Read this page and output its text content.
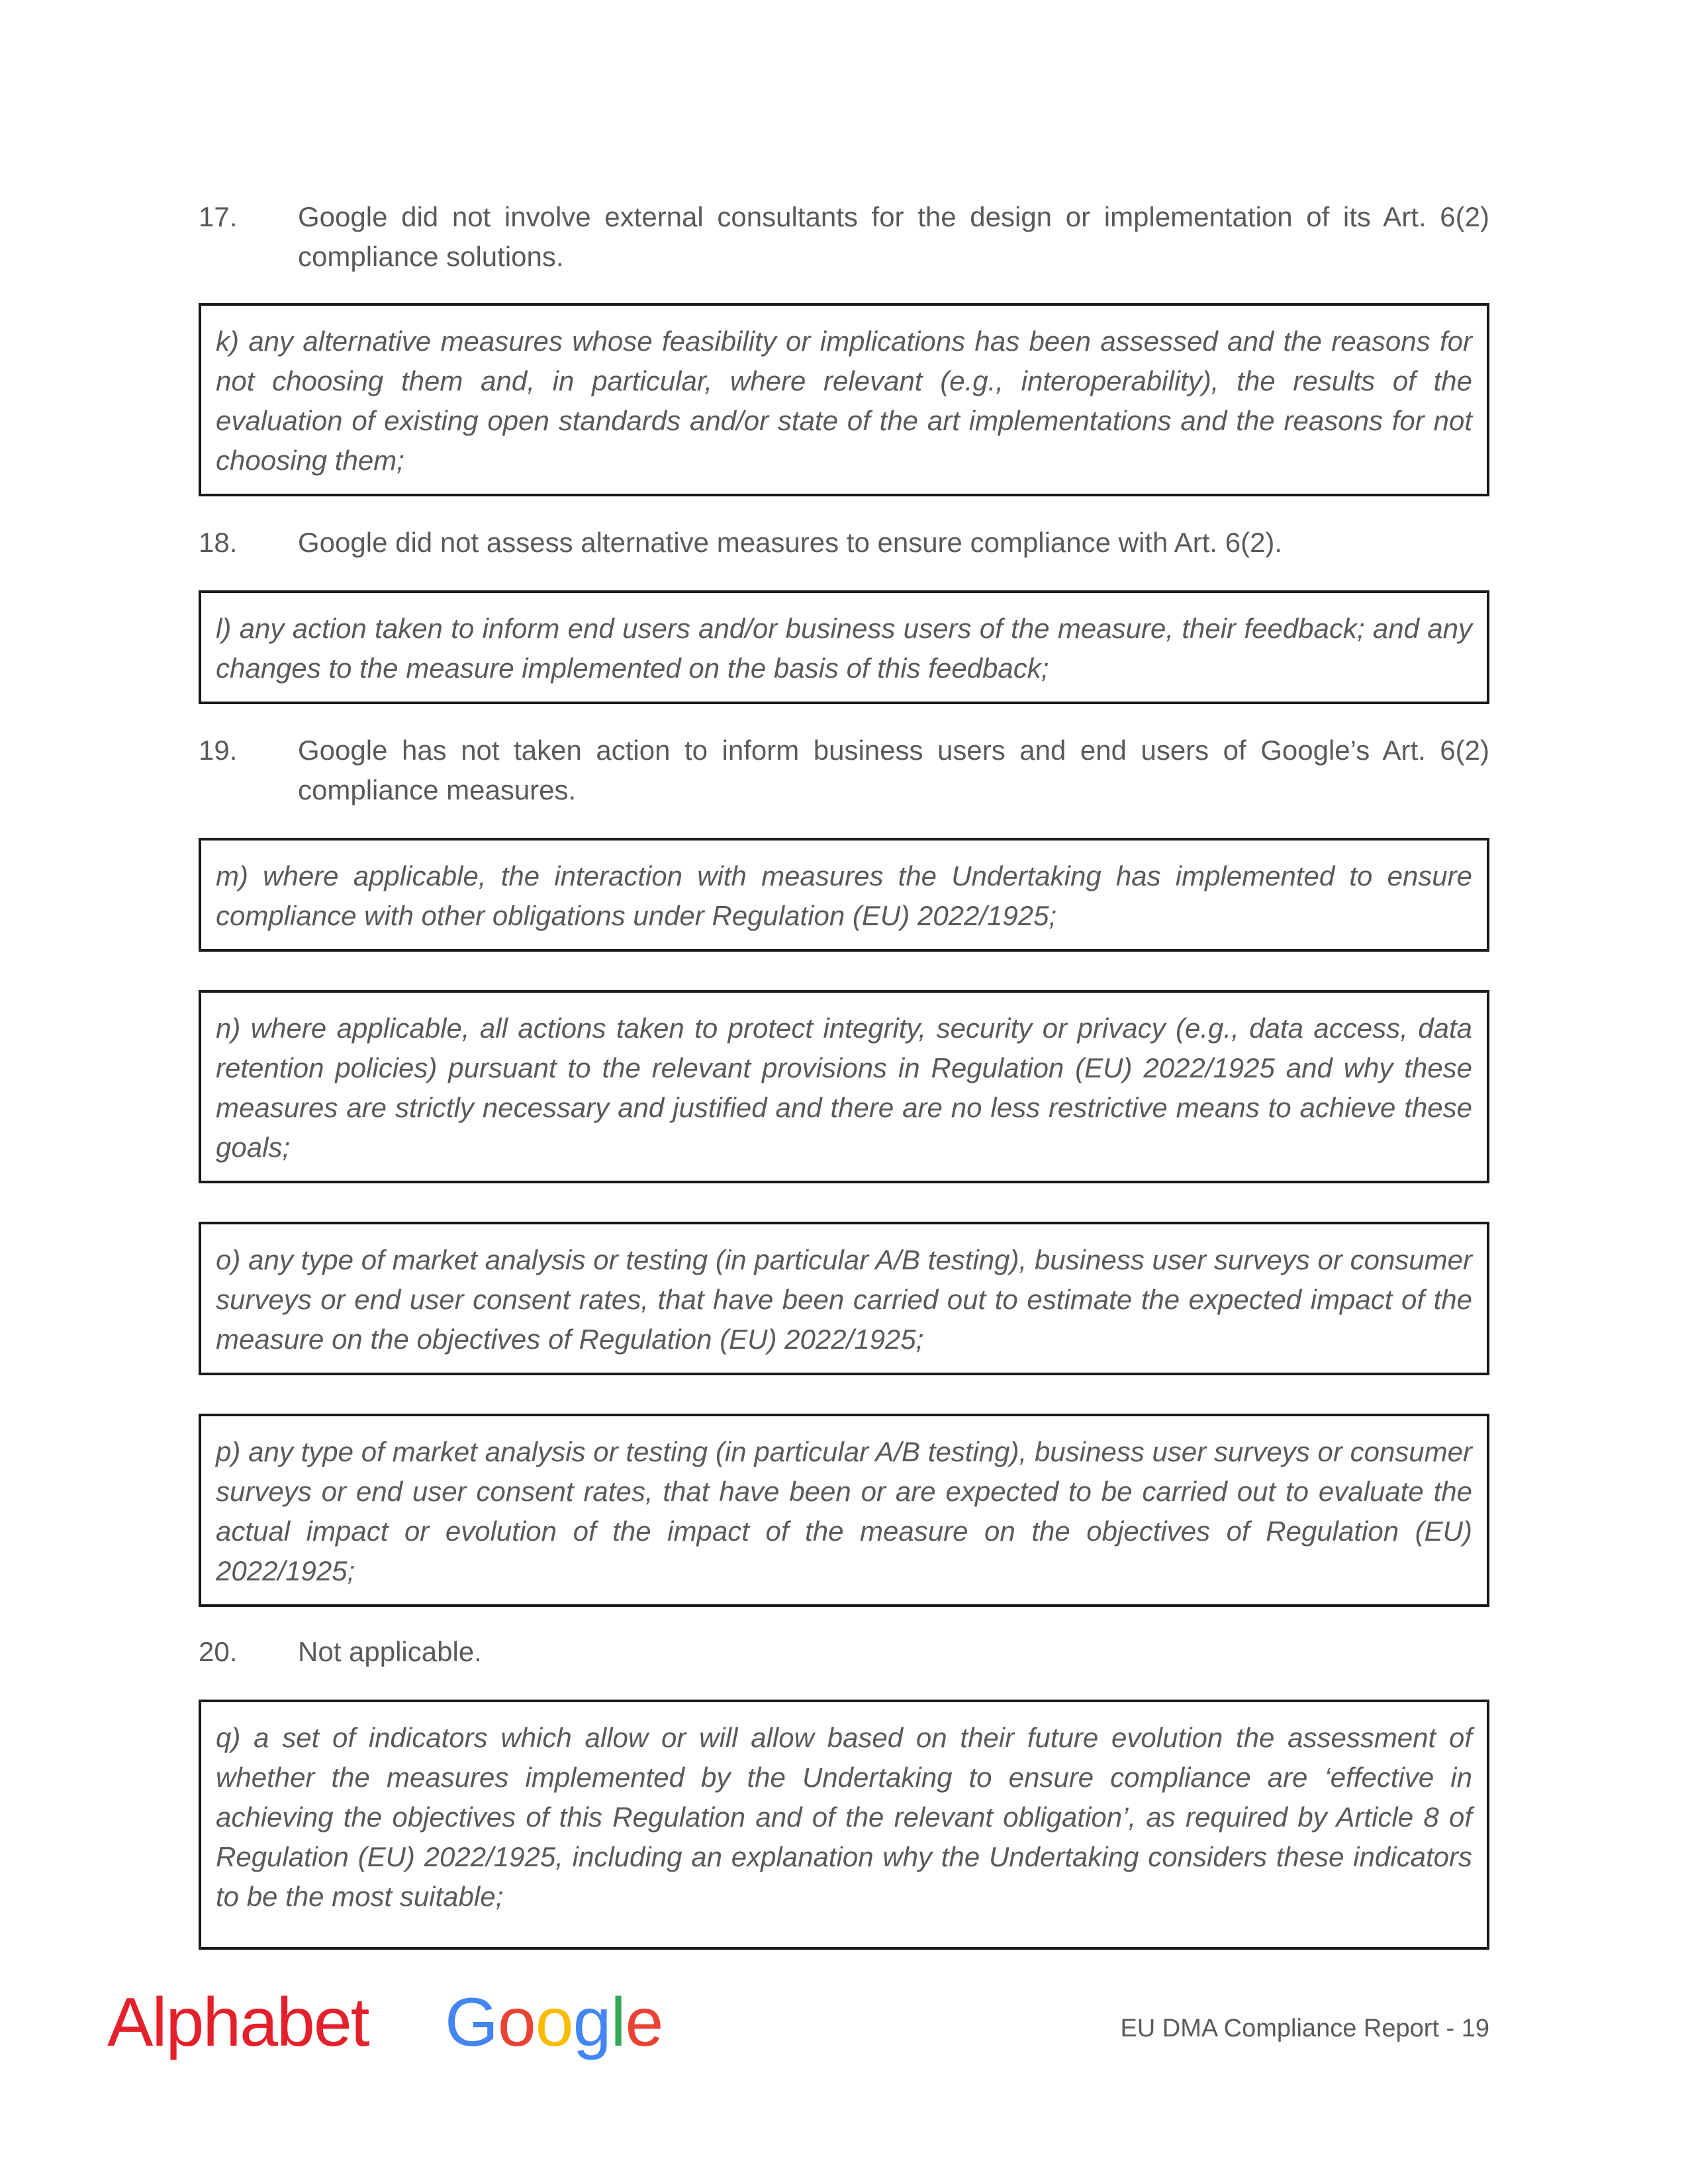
17.	Google did not involve external consultants for the design or implementation of its Art. 6(2) compliance solutions.
k) any alternative measures whose feasibility or implications has been assessed and the reasons for not choosing them and, in particular, where relevant (e.g., interoperability), the results of the evaluation of existing open standards and/or state of the art implementations and the reasons for not choosing them;
18.	Google did not assess alternative measures to ensure compliance with Art. 6(2).
l) any action taken to inform end users and/or business users of the measure, their feedback; and any changes to the measure implemented on the basis of this feedback;
19.	Google has not taken action to inform business users and end users of Google’s Art. 6(2) compliance measures.
m) where applicable, the interaction with measures the Undertaking has implemented to ensure compliance with other obligations under Regulation (EU) 2022/1925;
n) where applicable, all actions taken to protect integrity, security or privacy (e.g., data access, data retention policies) pursuant to the relevant provisions in Regulation (EU) 2022/1925 and why these measures are strictly necessary and justified and there are no less restrictive means to achieve these goals;
o) any type of market analysis or testing (in particular A/B testing), business user surveys or consumer surveys or end user consent rates, that have been carried out to estimate the expected impact of the measure on the objectives of Regulation (EU) 2022/1925;
p) any type of market analysis or testing (in particular A/B testing), business user surveys or consumer surveys or end user consent rates, that have been or are expected to be carried out to evaluate the actual impact or evolution of the impact of the measure on the objectives of Regulation (EU) 2022/1925;
20.	Not applicable.
q) a set of indicators which allow or will allow based on their future evolution the assessment of whether the measures implemented by the Undertaking to ensure compliance are ‘effective in achieving the objectives of this Regulation and of the relevant obligation’, as required by Article 8 of Regulation (EU) 2022/1925, including an explanation why the Undertaking considers these indicators to be the most suitable;
Alphabet Google	EU DMA Compliance Report - 19
